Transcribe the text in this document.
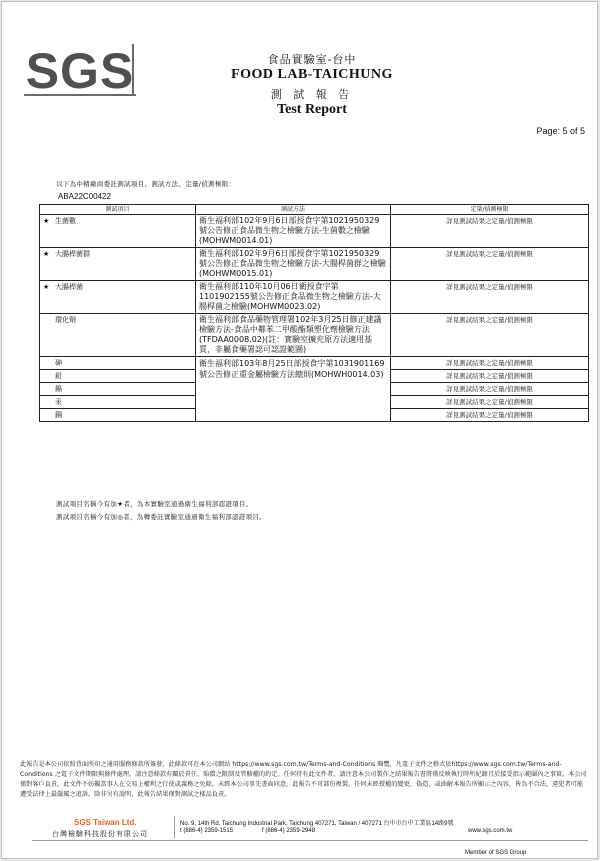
SGS	食品實驗室-台中
FOOD LAB-TAICHUNG
測 試 報 告
Test Report
Page: 5 of 5
以下為中精廠商委託測試項目、測試方法、定量/偵測極限：
ABA22C00422
測試項目	測試方法	定量/偵測極限
★ 生菌數	衛生福利部102年9月6日部授食字第1021950329號公告修正食品微生物之檢驗方法-生菌數之檢驗(MOHWM0014.01)	詳見測試結果之定量/偵測極限
★ 大腸桿菌群	衛生福利部102年9月6日部授食字第1021950329號公告修正食品微生物之檢驗方法-大腸桿菌群之檢驗(MOHWM0015.01)	詳見測試結果之定量/偵測極限
★ 大腸桿菌	衛生福利部110年10月06日衛授食字第1101902155號公告修正食品微生物之檢驗方法-大腸桿菌之檢驗(MOHWM0023.02)	詳見測試結果之定量/偵測極限
環化劑	衛生福利部食品藥物管理署102年3月25日修正建議檢驗方法-食品中鄰苯二甲酸酯類塑化劑檢驗方法(TFDAA0008.02)(註：實驗室擴充原方法適用基質，非屬食藥署認可認證範圍)	詳見測試結果之定量/偵測極限
砷	衛生福利部103年8月25日部授食字第1031901169號公告修正重金屬檢驗方法總則(MOHWH0014.03)	詳見測試結果之定量/偵測極限
鉛		詳見測試結果之定量/偵測極限
鎘		詳見測試結果之定量/偵測極限
汞		詳見測試結果之定量/偵測極限
銅		詳見測試結果之定量/偵測極限
測試項目名稱今有加★者，為本實驗室通過衛生福利部認證項目。
測試項目名稱今有加◎者，為轉委託實驗室通過衛生福利部認證項目。
此報告是本公司依照背面所印之通用服務條款所簽發，此條款可在本公司網站 https://www.sgs.com.tw/Terms-and-Conditions 閱覽，凡電子文件之格式依https://www.sgs.com.tw/Terms-and-Conditions 之電子文件期限與條件處理。請注意條款有關於責任、賠償之限制及管轄權的約定。任何持有此文件者，請注意本公司製作之結果報告書將僅反映執行時所紀錄且於接受指示範圍內之事實。本公司僅對客戶負責，此文件不妨礙當事人在交易上權利之行使或義務之免除。未經本公司事先書面同意，此報告不可部份複製。任何未經授權的變更、偽造、或曲解本報告所顯示之內容，皆為不合法，違犯者可能遭受法律上最嚴厲之追訴。除非另有說明，此報告結果僅對測試之樣品負責。
SGS Taiwan Ltd.
台灣檢驗科技股份有限公司
No. 9, 14th Rd. Taichung Industrial Park, Taichung 407271, Taiwan / 407271 台中市台中工業區14路9號
t (886-4) 2359-1515	f (886-4) 2359-2948	www.sgs.com.tw
Member of SGS Group
